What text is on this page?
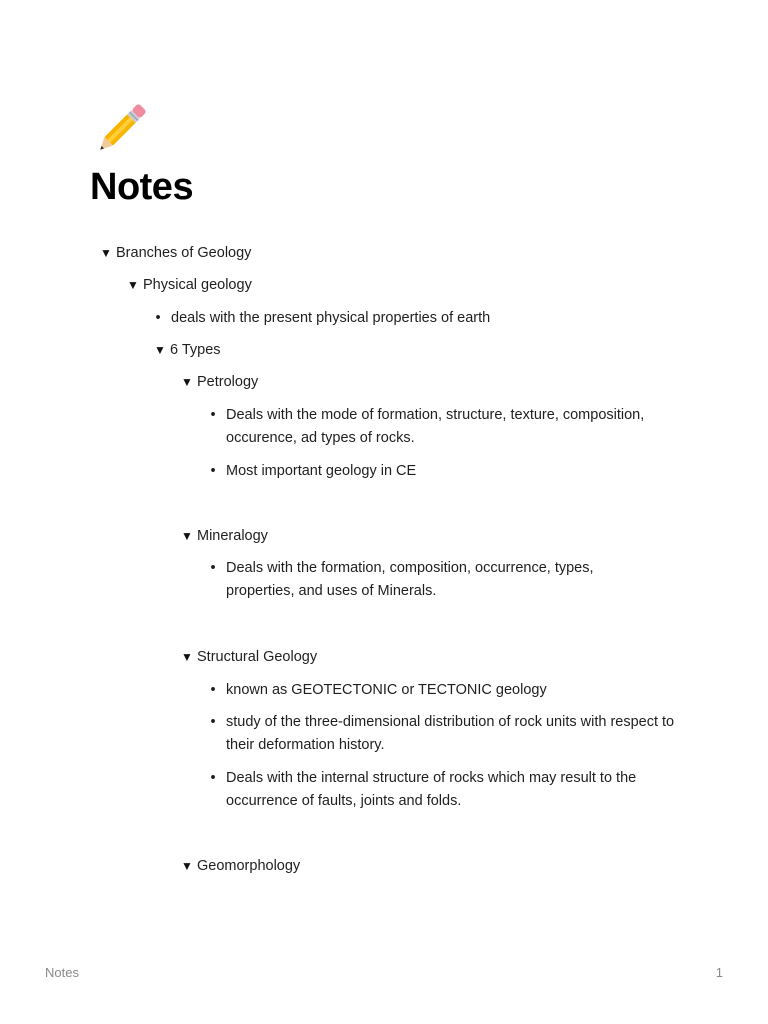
Notes
▼ Branches of Geology
▼ Physical geology
• deals with the present physical properties of earth
▼ 6 Types
▼ Petrology
• Deals with the mode of formation, structure, texture, composition, occurence, ad types of rocks.
• Most important geology in CE
▼ Mineralogy
• Deals with the formation, composition, occurrence, types, properties, and uses of Minerals.
▼ Structural Geology
• known as GEOTECTONIC or TECTONIC geology
• study of the three-dimensional distribution of rock units with respect to their deformation history.
• Deals with the internal structure of rocks which may result to the occurrence of faults, joints and folds.
▼ Geomorphology
Notes	1
